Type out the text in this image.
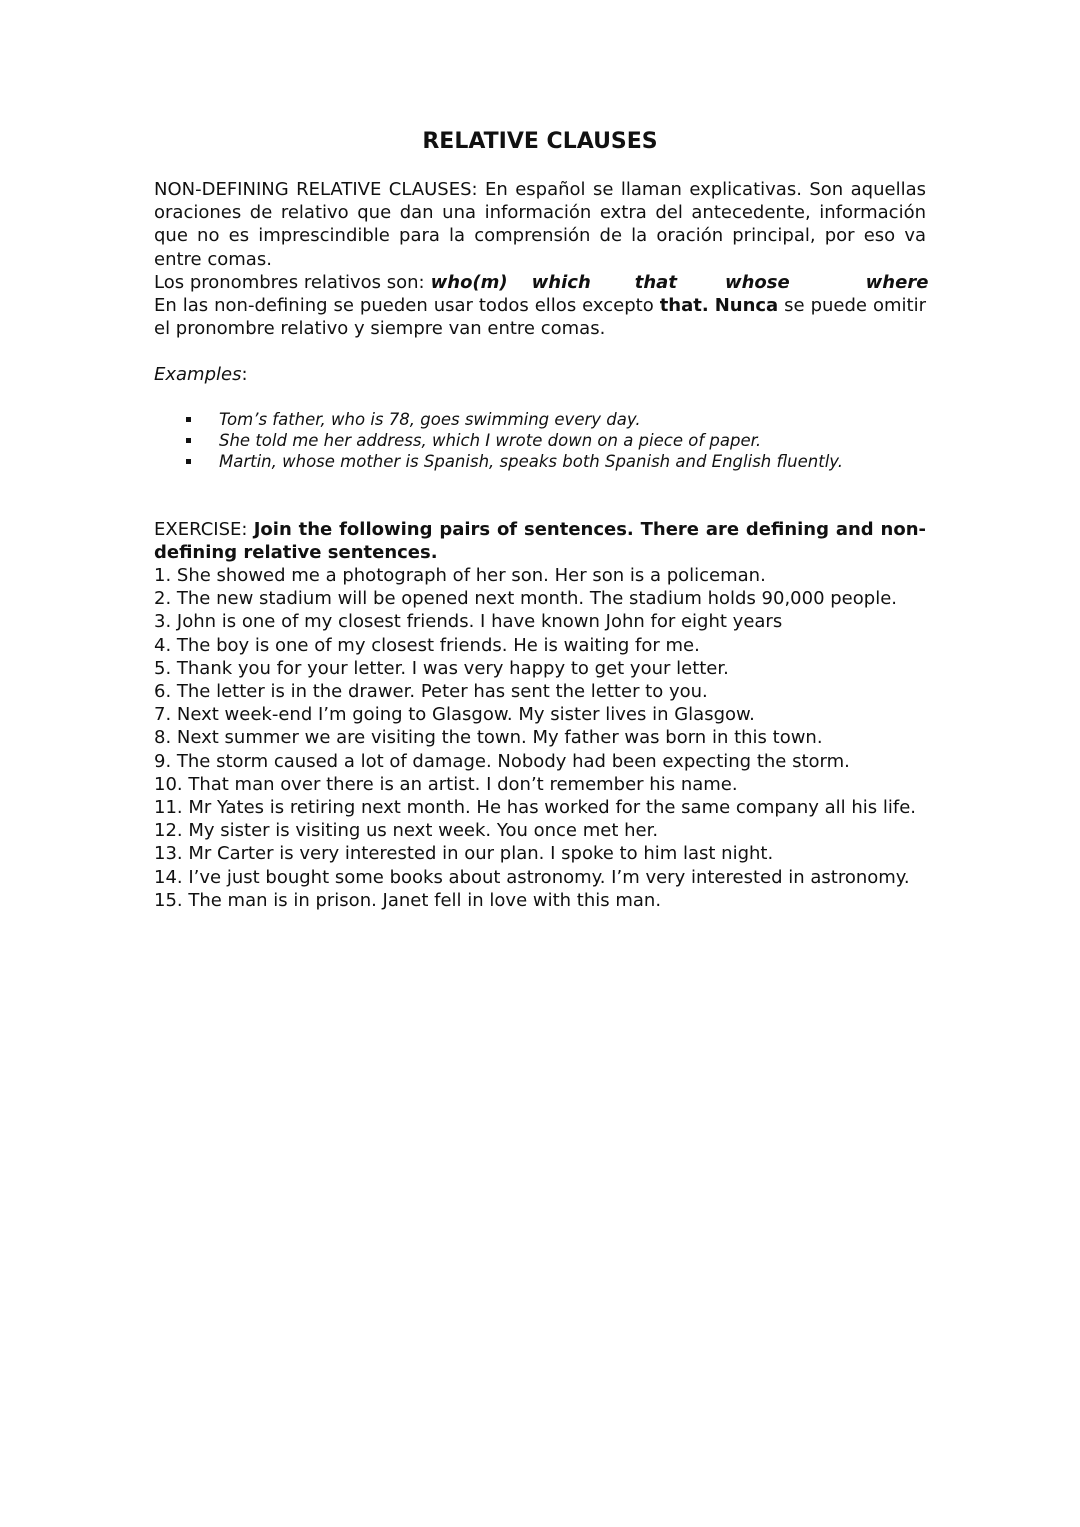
RELATIVE CLAUSES

NON-DEFINING RELATIVE CLAUSES: En español se llaman explicativas. Son aquellas oraciones de relativo que dan una información extra del antecedente, información que no es imprescindible para la comprensión de la oración principal, por eso va entre comas.

Los pronombres relativos son: who(m) which that	whose	where

En las non-defining se pueden usar todos ellos excepto that. Nunca se puede omitir el pronombre relativo y siempre van entre comas.

Examples:

Tom’s father, who is 78, goes swimming every day.
She told me her address, which I wrote down on a piece of paper.
Martin, whose mother is Spanish, speaks both Spanish and English fluently.

EXERCISE: Join the following pairs of sentences. There are defining and non-defining relative sentences.

1. She showed me a photograph of her son. Her son is a policeman.
2. The new stadium will be opened next month. The stadium holds 90,000 people.
3. John is one of my closest friends. I have known John for eight years
4. The boy is one of my closest friends. He is waiting for me.
5. Thank you for your letter. I was very happy to get your letter.
6. The letter is in the drawer. Peter has sent the letter to you.
7. Next week-end I’m going to Glasgow. My sister lives in Glasgow.
8. Next summer we are visiting the town. My father was born in this town.
9. The storm caused a lot of damage. Nobody had been expecting the storm.
10. That man over there is an artist. I don’t remember his name.
11. Mr Yates is retiring next month. He has worked for the same company all his life.
12. My sister is visiting us next week. You once met her.
13. Mr Carter is very interested in our plan. I spoke to him last night.
14. I’ve just bought some books about astronomy. I’m very interested in astronomy.
15. The man is in prison. Janet fell in love with this man.
